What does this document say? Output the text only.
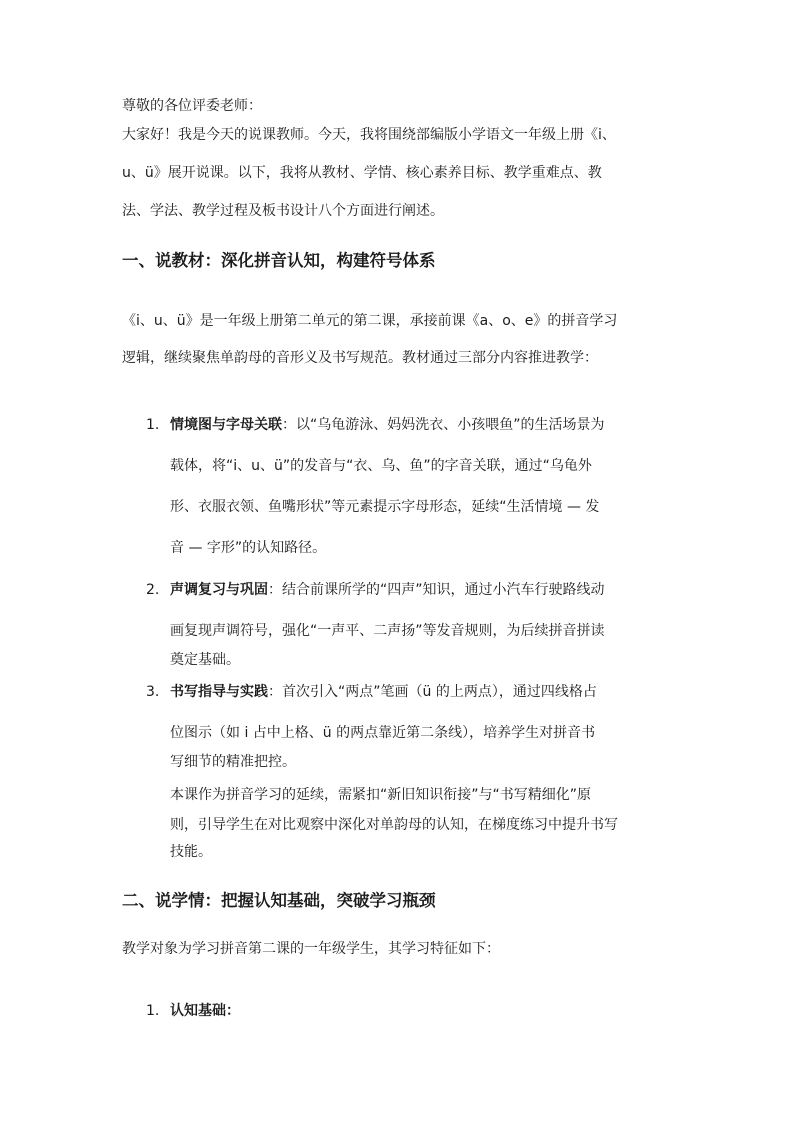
尊敬的各位评委老师：

大家好！我是今天的说课教师。今天，我将围绕部编版小学语文一年级上册《i、

u、ü》展开说课。以下，我将从教材、学情、核心素养目标、教学重难点、教

法、学法、教学过程及板书设计八个方面进行阐述。

一、说教材：深化拼音认知，构建符号体系

《i、u、ü》是一年级上册第二单元的第二课，承接前课《a、o、e》的拼音学习

逻辑，继续聚焦单韵母的音形义及书写规范。教材通过三部分内容推进教学：

1. 情境图与字母关联：以“乌龟游泳、妈妈洗衣、小孩喂鱼”的生活场景为

载体，将“i、u、ü”的发音与“衣、乌、鱼”的字音关联，通过“乌龟外

形、衣服衣领、鱼嘴形状”等元素提示字母形态，延续“生活情境 — 发

音 — 字形”的认知路径。

2. 声调复习与巩固：结合前课所学的“四声”知识，通过小汽车行驶路线动

画复现声调符号，强化“一声平、二声扬”等发音规则，为后续拼音拼读

奠定基础。

3. 书写指导与实践：首次引入“两点”笔画（ü 的上两点），通过四线格占

位图示（如 i 占中上格、ü 的两点靠近第二条线），培养学生对拼音书

写细节的精准把控。

本课作为拼音学习的延续，需紧扣“新旧知识衔接”与“书写精细化”原

则，引导学生在对比观察中深化对单韵母的认知，在梯度练习中提升书写

技能。

二、说学情：把握认知基础，突破学习瓶颈

教学对象为学习拼音第二课的一年级学生，其学习特征如下：

1. 认知基础：
